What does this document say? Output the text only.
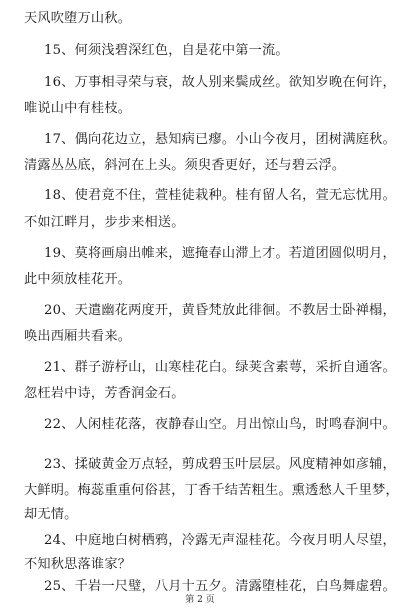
天风吹堕万山秋。
15、何须浅碧深红色，自是花中第一流。
16、万事相寻荣与衰，故人别来鬓成丝。欲知岁晚在何许，
唯说山中有桂枝。
17、偶向花边立，悬知病已瘳。小山今夜月，团树满庭秋。
清露丛丛底，斜河在上头。须臾香更好，还与碧云浮。
18、使君竟不住，萱桂徒栽种。桂有留人名，萱无忘忧用。
不如江畔月，步步来相送。
19、莫将画扇出帷来，遮掩春山滞上才。若道团圆似明月，
此中须放桂花开。
20、天遣幽花两度开，黄昏梵放此徘徊。不教居士卧禅榻，
唤出西厢共看来。
21、群子游杼山，山寒桂花白。绿荚含素萼，采折自通客。
忽枉岩中诗，芳香润金石。
22、人闲桂花落，夜静春山空。月出惊山鸟，时鸣春涧中。
23、揉破黄金万点轻，剪成碧玉叶层层。风度精神如彦辅，
大鲜明。梅蕊重重何俗甚，丁香千结苦粗生。熏透愁人千里梦，
却无情。
24、中庭地白树栖鸦，冷露无声湿桂花。今夜月明人尽望，
不知秋思落谁家？
25、千岩一尺璧，八月十五夕。清露堕桂花，白鸟舞虚碧。
第 2 页
